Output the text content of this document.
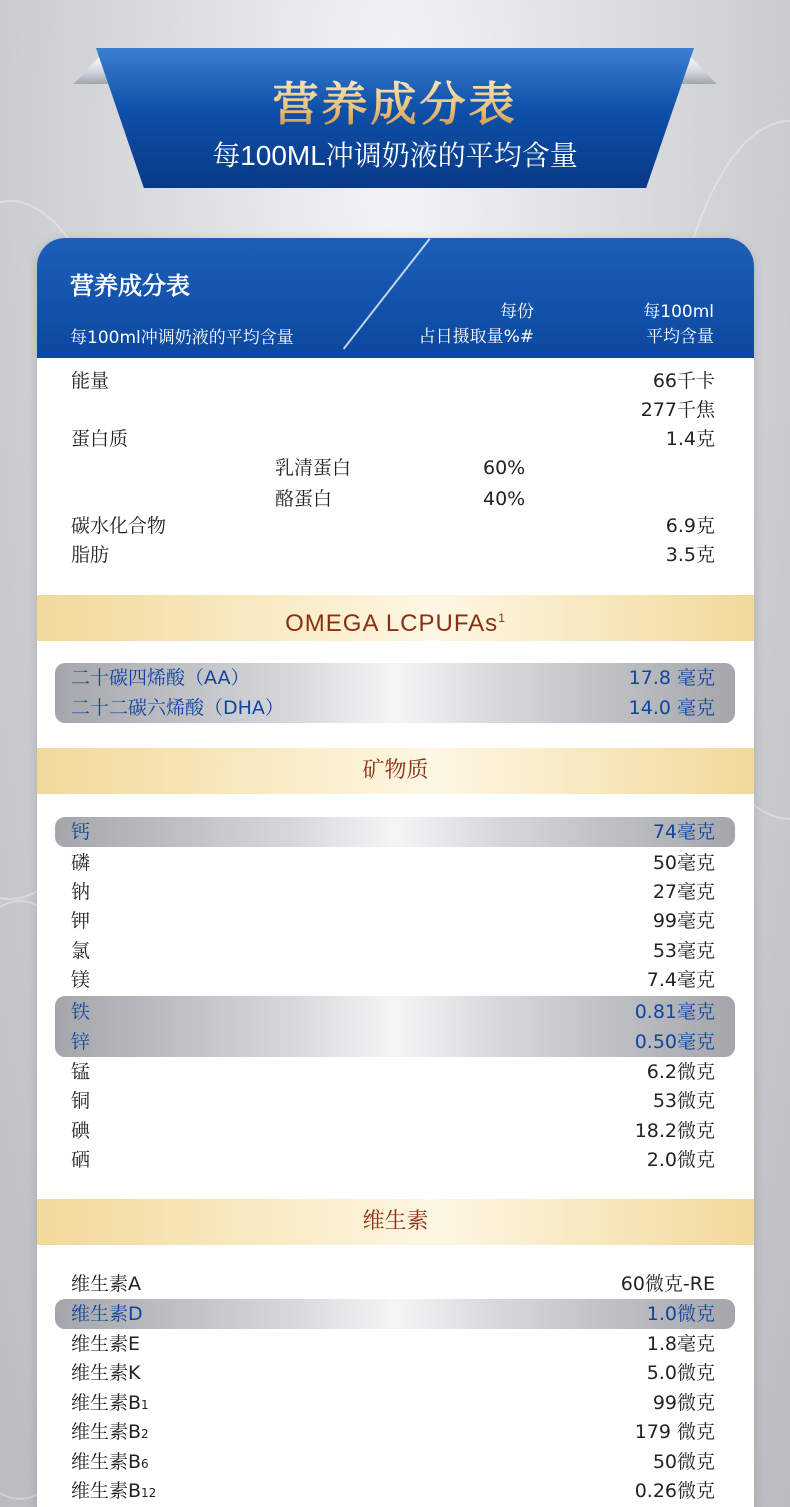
营养成分表
每100ML冲调奶液的平均含量
营养成分表
每100ml冲调奶液的平均含量
每份
占日摄取量%#
每100ml
平均含量
能量	66千卡
277千焦
蛋白质	1.4克
乳清蛋白	60%
酪蛋白	40%
碳水化合物	6.9克
脂肪	3.5克
OMEGA LCPUFAs$^1$
二十碳四烯酸（AA）	17.8 毫克
二十二碳六烯酸（DHA）	14.0 毫克
矿物质
钙	74毫克
磷	50毫克
钠	27毫克
钾	99毫克
氯	53毫克
镁	7.4毫克
铁	0.81毫克
锌	0.50毫克
锰	6.2微克
铜	53微克
碘	18.2微克
硒	2.0微克
维生素
维生素A	60微克-RE
维生素D	1.0微克
维生素E	1.8毫克
维生素K	5.0微克
维生素B1	99微克
维生素B2	179 微克
维生素B6	50微克
维生素B12	0.26微克
